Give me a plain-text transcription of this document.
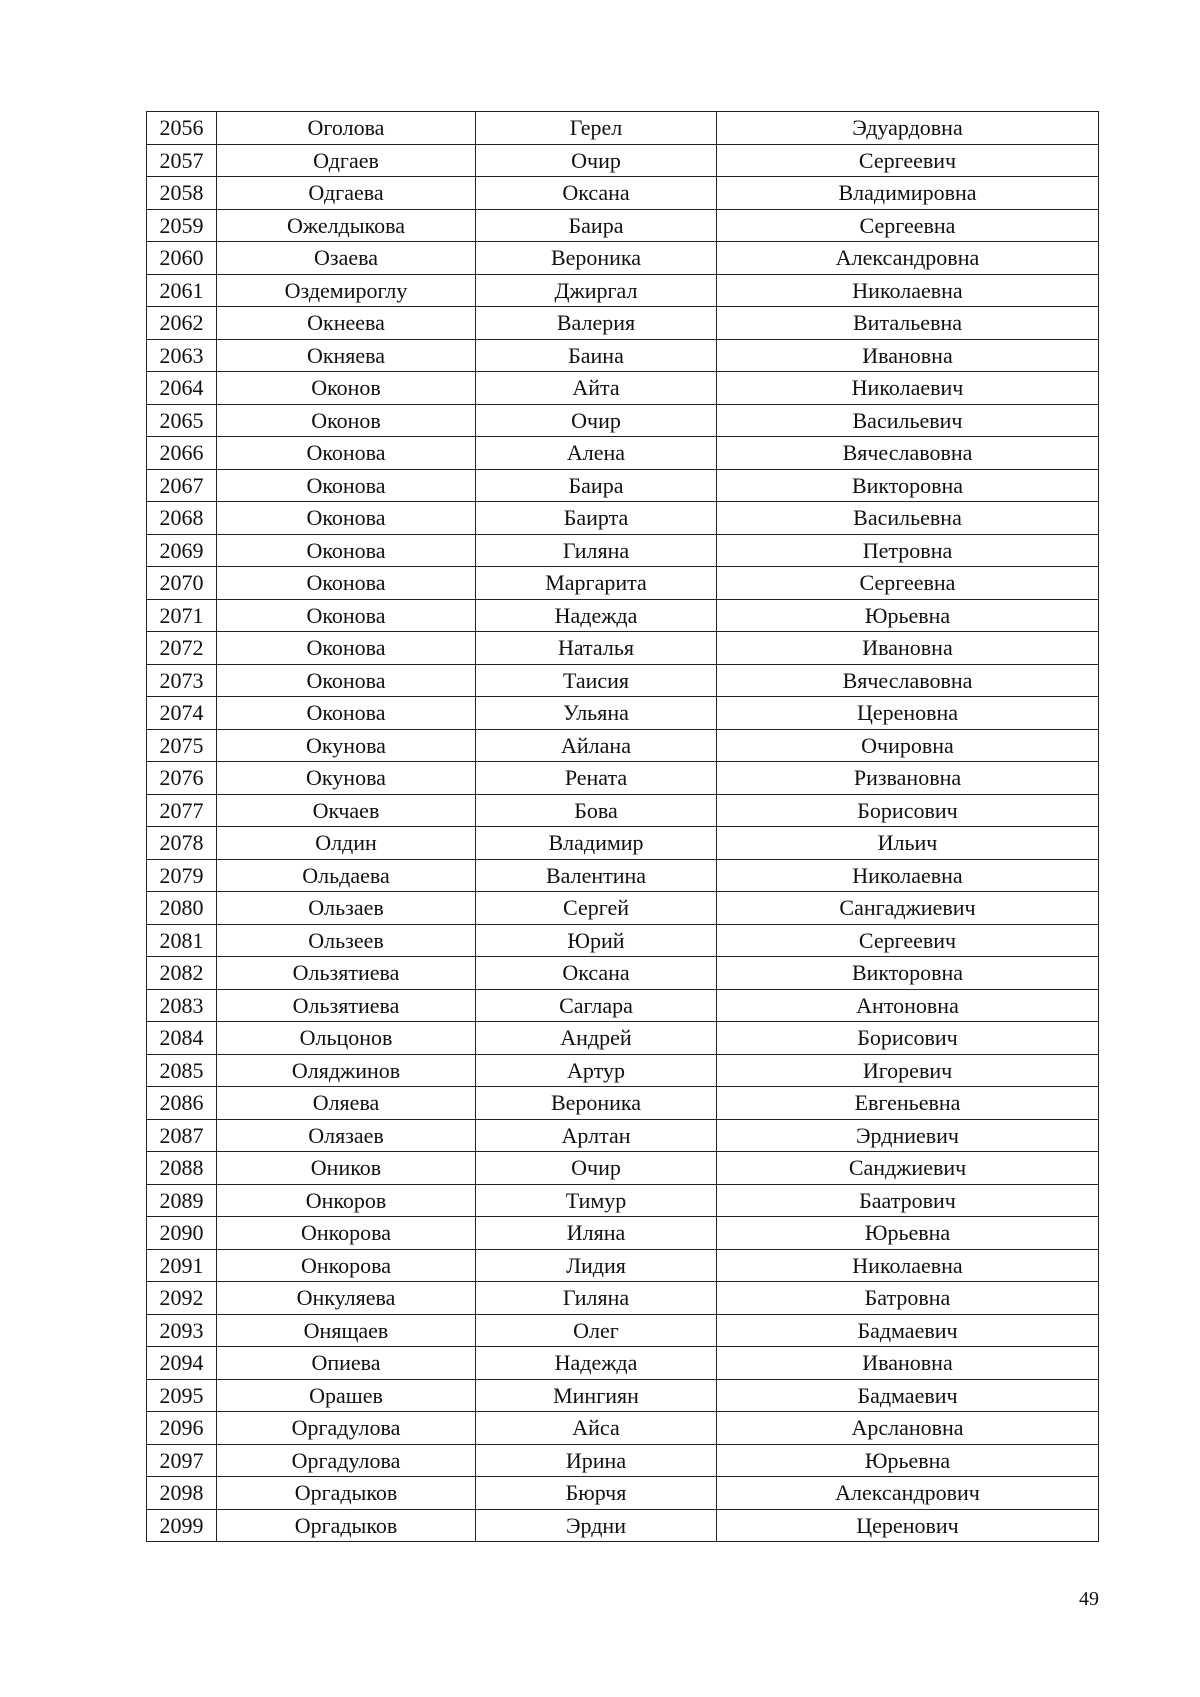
2056	Оголова	Герел	Эдуардовна
2057	Одгаев	Очир	Сергеевич
2058	Одгаева	Оксана	Владимировна
2059	Ожелдыкова	Баира	Сергеевна
2060	Озаева	Вероника	Александровна
2061	Оздемироглу	Джиргал	Николаевна
2062	Окнеева	Валерия	Витальевна
2063	Окняева	Баина	Ивановна
2064	Оконов	Айта	Николаевич
2065	Оконов	Очир	Васильевич
2066	Оконова	Алена	Вячеславовна
2067	Оконова	Баира	Викторовна
2068	Оконова	Баирта	Васильевна
2069	Оконова	Гиляна	Петровна
2070	Оконова	Маргарита	Сергеевна
2071	Оконова	Надежда	Юрьевна
2072	Оконова	Наталья	Ивановна
2073	Оконова	Таисия	Вячеславовна
2074	Оконова	Ульяна	Цереновна
2075	Окунова	Айлана	Очировна
2076	Окунова	Рената	Ризвановна
2077	Окчаев	Бова	Борисович
2078	Олдин	Владимир	Ильич
2079	Ольдаева	Валентина	Николаевна
2080	Ользаев	Сергей	Сангаджиевич
2081	Ользеев	Юрий	Сергеевич
2082	Ользятиева	Оксана	Викторовна
2083	Ользятиева	Саглара	Антоновна
2084	Ольцонов	Андрей	Борисович
2085	Оляджинов	Артур	Игоревич
2086	Оляева	Вероника	Евгеньевна
2087	Олязаев	Арлтан	Эрдниевич
2088	Оников	Очир	Санджиевич
2089	Онкоров	Тимур	Баатрович
2090	Онкорова	Иляна	Юрьевна
2091	Онкорова	Лидия	Николаевна
2092	Онкуляева	Гиляна	Батровна
2093	Онящаев	Олег	Бадмаевич
2094	Опиева	Надежда	Ивановна
2095	Орашев	Мингиян	Бадмаевич
2096	Оргадулова	Айса	Арслановна
2097	Оргадулова	Ирина	Юрьевна
2098	Оргадыков	Бюрчя	Александрович
2099	Оргадыков	Эрдни	Церенович
49
